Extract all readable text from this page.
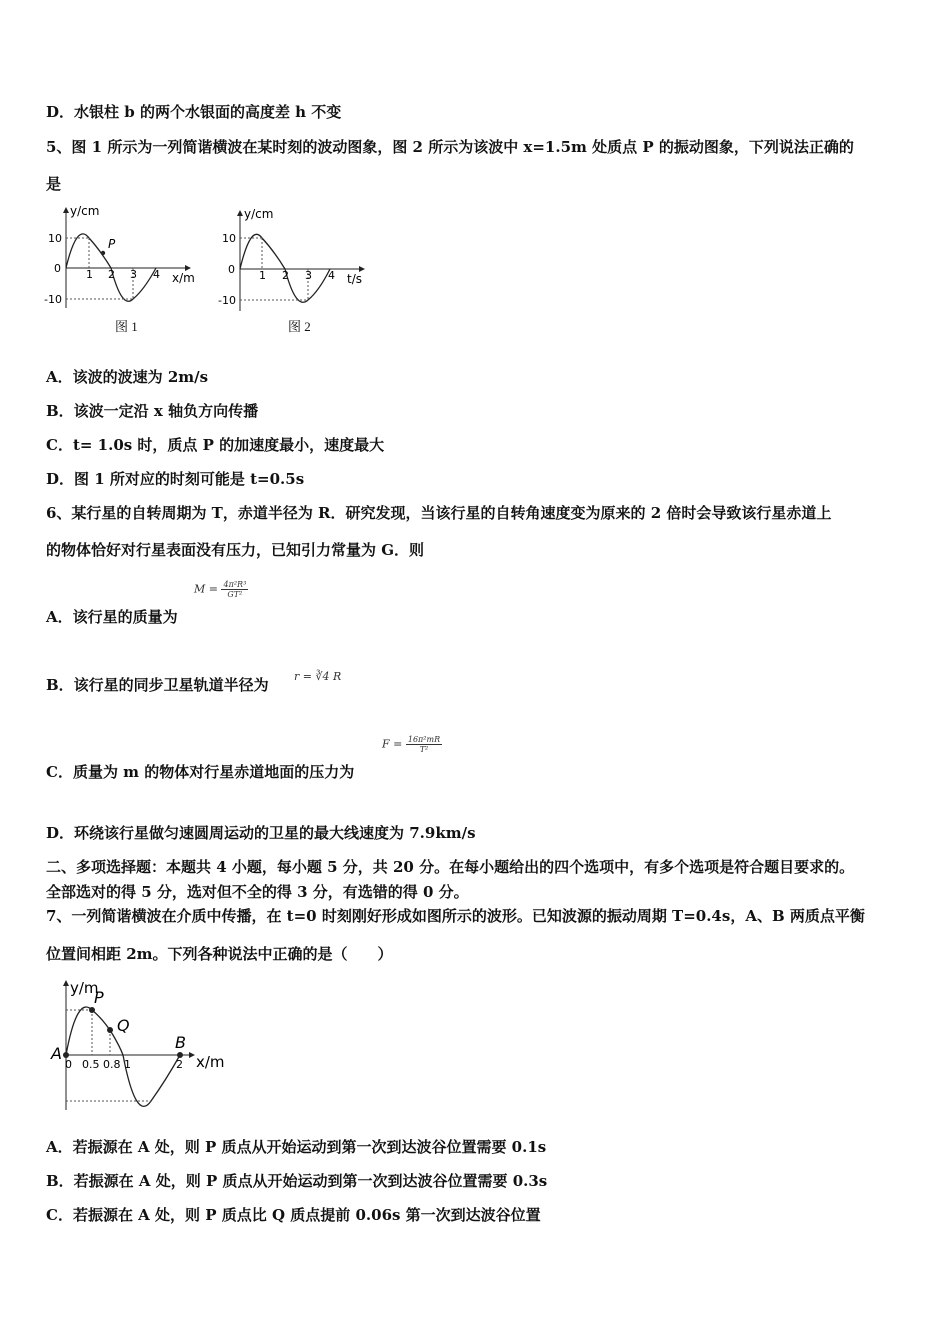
D．水银柱 b 的两个水银面的高度差 h 不变
5、图 1 所示为一列简谐横波在某时刻的波动图象，图 2 所示为该波中 x=1.5m 处质点 P 的振动图象，下列说法正确的
是
P
y/cm
x/m
10
0
-10
1 2 3 4
图 1
y/cm
t/s
10
0
-10
1 2 3 4
图 2
A．该波的波速为 2m/s
B．该波一定沿 x 轴负方向传播
C．t= 1.0s 时，质点 P 的加速度最小，速度最大
D．图 1 所对应的时刻可能是 t=0.5s
6、某行星的自转周期为 T，赤道半径为 R．研究发现，当该行星的自转角速度变为原来的 2 倍时会导致该行星赤道上
的物体恰好对行星表面没有压力，已知引力常量为 G．则
A．该行星的质量为
$M = \frac{\text{4π²R³}}{\text{GT²}}$
B．该行星的同步卫星轨道半径为 r = ∛4 R
C．质量为 m 的物体对行星赤道地面的压力为
$F = \frac{\text{16π²mR}}{\text{T²}}$
D．环绕该行星做匀速圆周运动的卫星的最大线速度为 7.9km/s
二、多项选择题：本题共 4 小题，每小题 5 分，共 20 分。在每小题给出的四个选项中，有多个选项是符合题目要求的。
全部选对的得 5 分，选对但不全的得 3 分，有选错的得 0 分。
7、一列简谐横波在介质中传播，在 t=0 时刻刚好形成如图所示的波形。已知波源的振动周期 T=0.4s，A、B 两质点平衡
位置间相距 2m。下列各种说法中正确的是（　　）
P
Q
A
B
y/m
x/m
0 0.5 0.8 1	2
A．若振源在 A 处，则 P 质点从开始运动到第一次到达波谷位置需要 0.1s
B．若振源在 A 处，则 P 质点从开始运动到第一次到达波谷位置需要 0.3s
C．若振源在 A 处，则 P 质点比 Q 质点提前 0.06s 第一次到达波谷位置
